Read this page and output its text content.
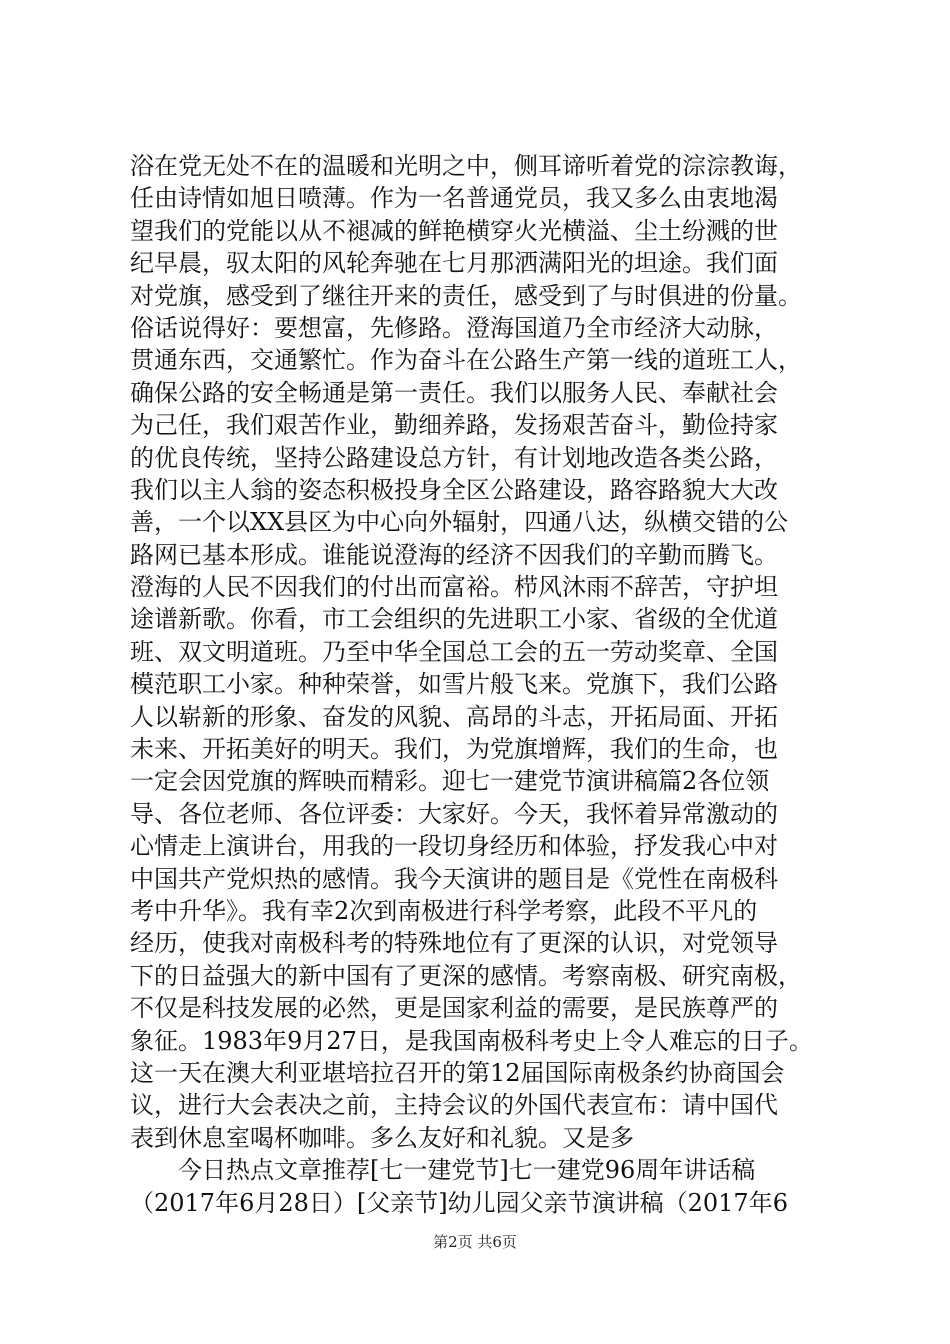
浴在党无处不在的温暖和光明之中，侧耳谛听着党的淙淙教诲，
任由诗情如旭日喷薄。作为一名普通党员，我又多么由衷地渴
望我们的党能以从不褪减的鲜艳横穿火光横溢、尘土纷溅的世
纪早晨，驭太阳的风轮奔驰在七月那洒满阳光的坦途。我们面
对党旗，感受到了继往开来的责任，感受到了与时俱进的份量。
俗话说得好：要想富，先修路。澄海国道乃全市经济大动脉，
贯通东西，交通繁忙。作为奋斗在公路生产第一线的道班工人，
确保公路的安全畅通是第一责任。我们以服务人民、奉献社会
为己任，我们艰苦作业，勤细养路，发扬艰苦奋斗，勤俭持家
的优良传统，坚持公路建设总方针，有计划地改造各类公路，
我们以主人翁的姿态积极投身全区公路建设，路容路貌大大改
善，一个以XX县区为中心向外辐射，四通八达，纵横交错的公
路网已基本形成。谁能说澄海的经济不因我们的辛勤而腾飞。
澄海的人民不因我们的付出而富裕。栉风沐雨不辞苦，守护坦
途谱新歌。你看，市工会组织的先进职工小家、省级的全优道
班、双文明道班。乃至中华全国总工会的五一劳动奖章、全国
模范职工小家。种种荣誉，如雪片般飞来。党旗下，我们公路
人以崭新的形象、奋发的风貌、高昂的斗志，开拓局面、开拓
未来、开拓美好的明天。我们，为党旗增辉，我们的生命，也
一定会因党旗的辉映而精彩。迎七一建党节演讲稿篇2各位领
导、各位老师、各位评委：大家好。今天，我怀着异常激动的
心情走上演讲台，用我的一段切身经历和体验，抒发我心中对
中国共产党炽热的感情。我今天演讲的题目是《党性在南极科
考中升华》。我有幸2次到南极进行科学考察，此段不平凡的
经历，使我对南极科考的特殊地位有了更深的认识，对党领导
下的日益强大的新中国有了更深的感情。考察南极、研究南极，
不仅是科技发展的必然，更是国家利益的需要，是民族尊严的
象征。1983年9月27日，是我国南极科考史上令人难忘的日子。
这一天在澳大利亚堪培拉召开的第12届国际南极条约协商国会
议，进行大会表决之前，主持会议的外国代表宣布：请中国代
表到休息室喝杯咖啡。多么友好和礼貌。又是多
　　今日热点文章推荐[七一建党节]七一建党96周年讲话稿
（2017年6月28日）[父亲节]幼儿园父亲节演讲稿（2017年6
第2页 共6页
